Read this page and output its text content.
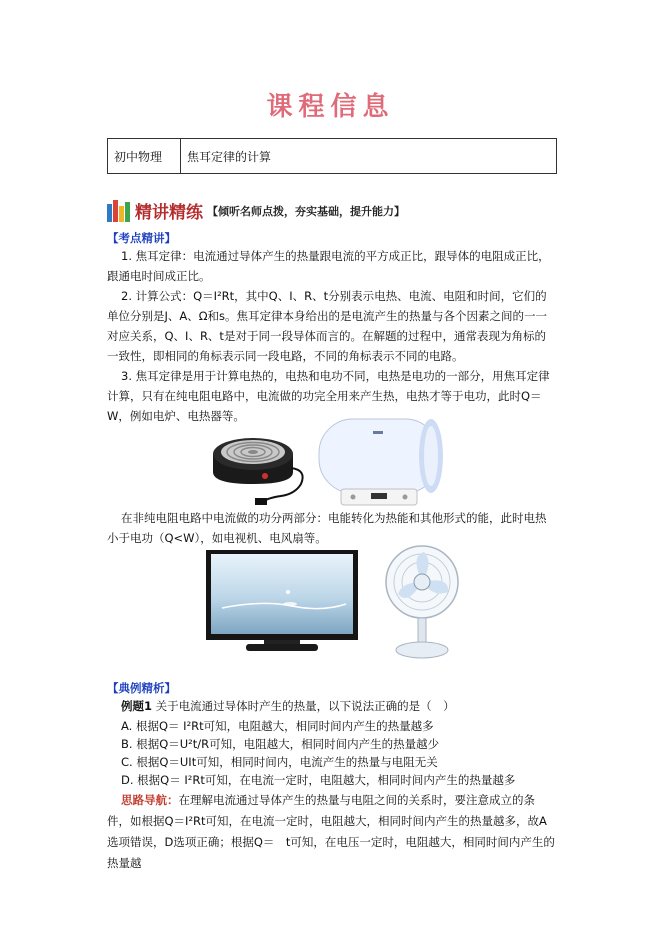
课程信息
初中物理	焦耳定律的计算
精讲精练 【倾听名师点拨，夯实基础，提升能力】
【考点精讲】

1. 焦耳定律：电流通过导体产生的热量跟电流的平方成正比，跟导体的电阻成正比，跟通电时间成正比。

2. 计算公式：Q＝I²Rt，其中Q、I、R、t分别表示电热、电流、电阻和时间，它们的单位分别是J、A、Ω和s。焦耳定律本身给出的是电流产生的热量与各个因素之间的一一对应关系，Q、I、R、t是对于同一段导体而言的。在解题的过程中，通常表现为角标的一致性，即相同的角标表示同一段电路，不同的角标表示不同的电路。

3. 焦耳定律是用于计算电热的，电热和电功不同，电热是电功的一部分，用焦耳定律计算，只有在纯电阻电路中，电流做的功完全用来产生热，电热才等于电功，此时Q＝W，例如电炉、电热器等。

在非纯电阻电路中电流做的功分两部分：电能转化为热能和其他形式的能，此时电热小于电功（Q<W），如电视机、电风扇等。

【典例精析】
例题1 关于电流通过导体时产生的热量，以下说法正确的是（　）
A. 根据Q＝ I²Rt可知，电阻越大，相同时间内产生的热量越多
B. 根据Q＝U²t/R可知，电阻越大，相同时间内产生的热量越少
C. 根据Q＝UIt可知，相同时间内，电流产生的热量与电阻无关
D. 根据Q＝ I²Rt可知，在电流一定时，电阻越大，相同时间内产生的热量越多

思路导航：在理解电流通过导体产生的热量与电阻之间的关系时，要注意成立的条件，如根据Q＝I²Rt可知，在电流一定时，电阻越大，相同时间内产生的热量越多，故A选项错误，D选项正确；根据Q＝　t可知，在电压一定时，电阻越大，相同时间内产生的热量越
